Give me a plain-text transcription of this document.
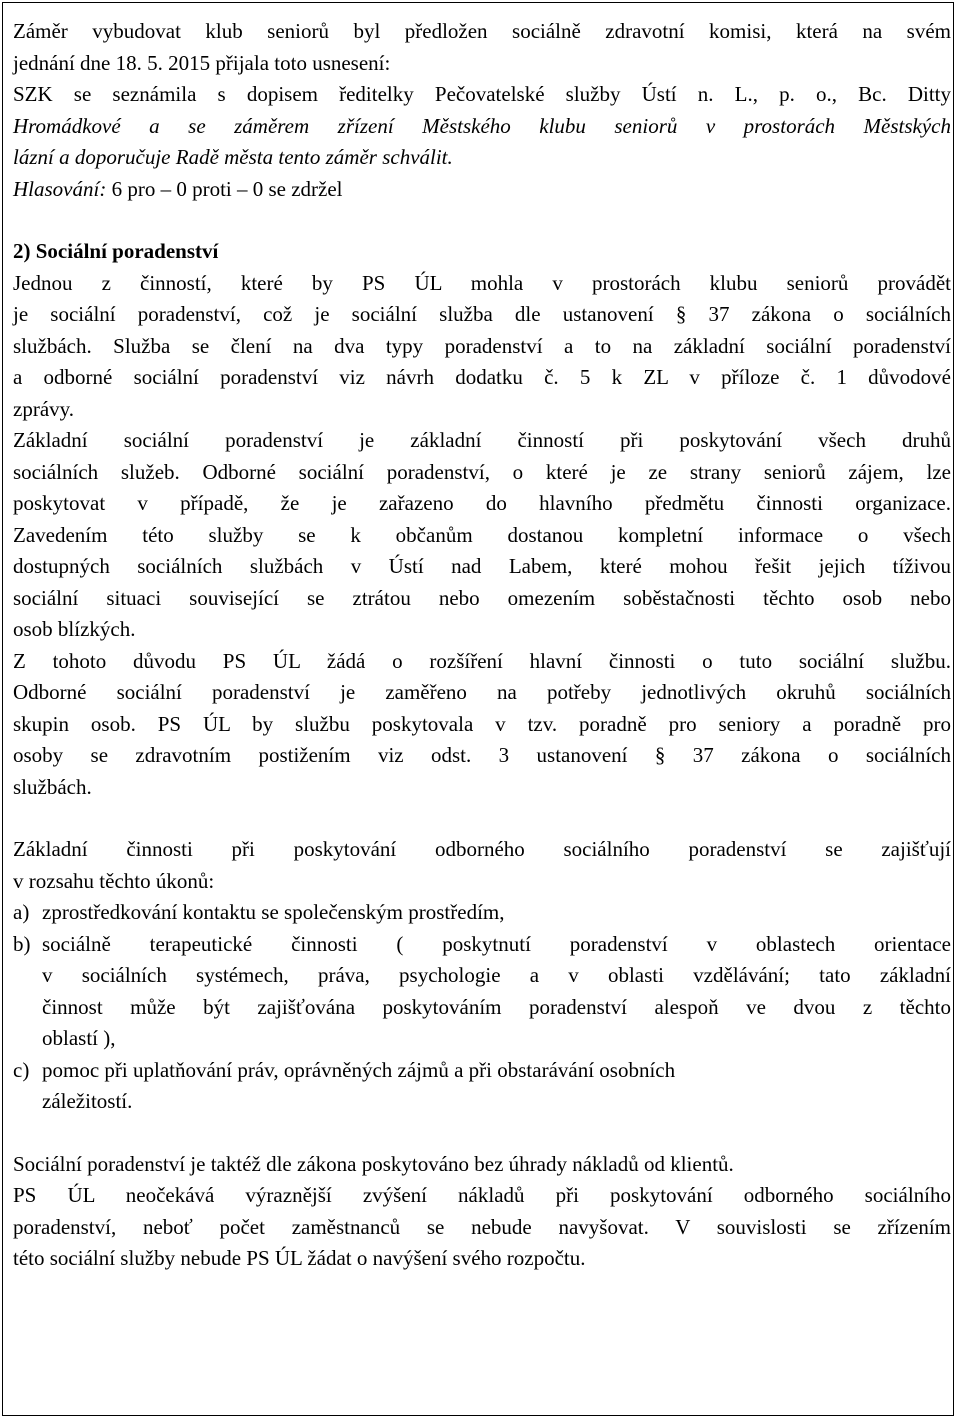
Záměr vybudovat klub seniorů byl předložen sociálně zdravotní komisi, která na svém

jednání dne 18. 5. 2015 přijala toto usnesení:

SZK se seznámila s dopisem ředitelky Pečovatelské služby Ústí n. L., p. o., Bc. Ditty

Hromádkové a se záměrem zřízení Městského klubu seniorů v prostorách Městských

lázní a doporučuje Radě města tento záměr schválit.

Hlasování: 6 pro – 0 proti – 0 se zdržel

2) Sociální poradenství

Jednou z činností, které by PS ÚL mohla v prostorách klubu seniorů provádět

je sociální poradenství, což je sociální služba dle ustanovení § 37 zákona o sociálních

službách. Služba se člení na dva typy poradenství a to na základní sociální poradenství

a odborné sociální poradenství viz návrh dodatku č. 5 k ZL v příloze č. 1 důvodové

zprávy.

Základní sociální poradenství je základní činností při poskytování všech druhů

sociálních služeb. Odborné sociální poradenství, o které je ze strany seniorů zájem, lze

poskytovat v případě, že je zařazeno do hlavního předmětu činnosti organizace.

Zavedením této služby se k občanům dostanou kompletní informace o všech

dostupných sociálních službách v Ústí nad Labem, které mohou řešit jejich tíživou

sociální situaci související se ztrátou nebo omezením soběstačnosti těchto osob nebo

osob blízkých.

Z tohoto důvodu PS ÚL žádá o rozšíření hlavní činnosti o tuto sociální službu.

Odborné sociální poradenství je zaměřeno na potřeby jednotlivých okruhů sociálních

skupin osob. PS ÚL by službu poskytovala v tzv. poradně pro seniory a poradně pro

osoby se zdravotním postižením viz odst. 3 ustanovení § 37 zákona o sociálních

službách.

Základní činnosti při poskytování odborného sociálního poradenství se zajišťují

v rozsahu těchto úkonů:

a) zprostředkování kontaktu se společenským prostředím,
b) sociálně terapeutické činnosti ( poskytnutí poradenství v oblastech orientace

v sociálních systémech, práva, psychologie a v oblasti vzdělávání; tato základní

činnost může být zajišťována poskytováním poradenství alespoň ve dvou z těchto

oblastí ),

c) pomoc při uplatňování práv, oprávněných zájmů a při obstarávání osobních

záležitostí.

Sociální poradenství je taktéž dle zákona poskytováno bez úhrady nákladů od klientů.

PS ÚL neočekává výraznější zvýšení nákladů při poskytování odborného sociálního

poradenství, neboť počet zaměstnanců se nebude navyšovat. V souvislosti se zřízením

této sociální služby nebude PS ÚL žádat o navýšení svého rozpočtu.
